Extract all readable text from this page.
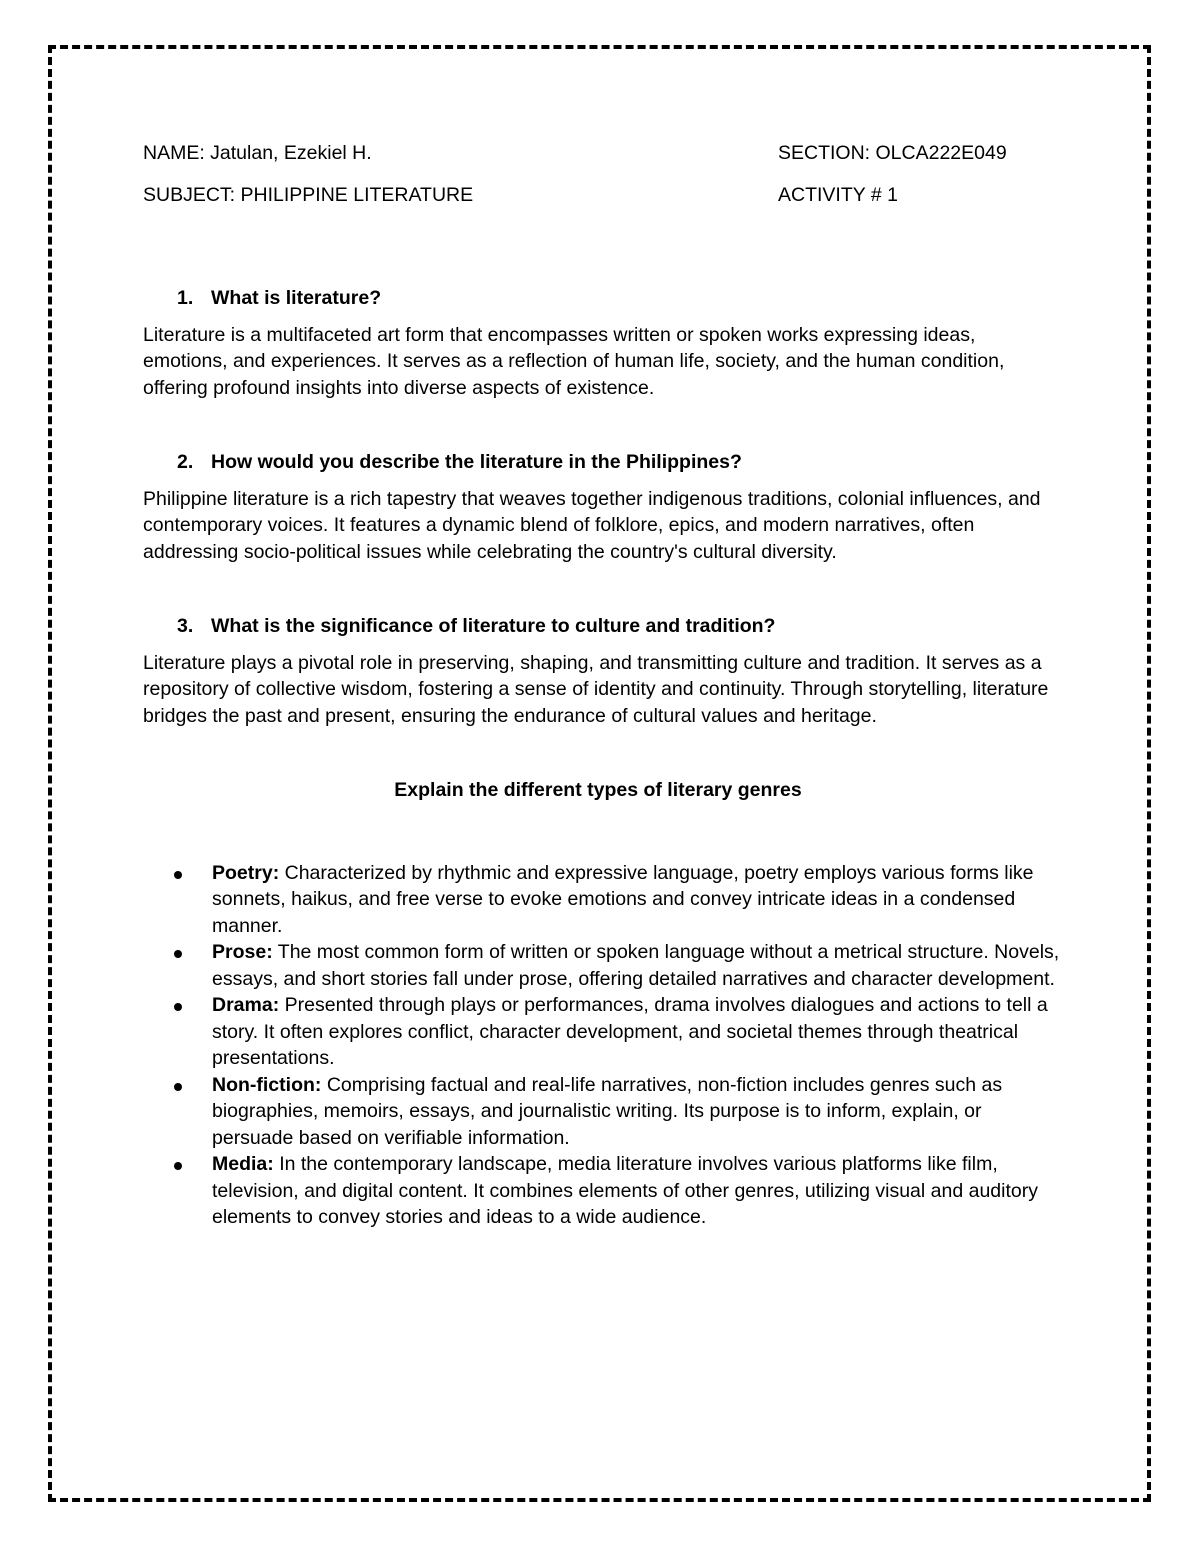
NAME: Jatulan, Ezekiel H.	SECTION: OLCA222E049
SUBJECT: PHILIPPINE LITERATURE	ACTIVITY # 1

1. What is literature?

Literature is a multifaceted art form that encompasses written or spoken works expressing ideas, emotions, and experiences. It serves as a reflection of human life, society, and the human condition, offering profound insights into diverse aspects of existence.

2. How would you describe the literature in the Philippines?

Philippine literature is a rich tapestry that weaves together indigenous traditions, colonial influences, and contemporary voices. It features a dynamic blend of folklore, epics, and modern narratives, often addressing socio-political issues while celebrating the country's cultural diversity.

3. What is the significance of literature to culture and tradition?

Literature plays a pivotal role in preserving, shaping, and transmitting culture and tradition. It serves as a repository of collective wisdom, fostering a sense of identity and continuity. Through storytelling, literature bridges the past and present, ensuring the endurance of cultural values and heritage.

Explain the different types of literary genres

Poetry: Characterized by rhythmic and expressive language, poetry employs various forms like sonnets, haikus, and free verse to evoke emotions and convey intricate ideas in a condensed manner.
Prose: The most common form of written or spoken language without a metrical structure. Novels, essays, and short stories fall under prose, offering detailed narratives and character development.
Drama: Presented through plays or performances, drama involves dialogues and actions to tell a story. It often explores conflict, character development, and societal themes through theatrical presentations.
Non-fiction: Comprising factual and real-life narratives, non-fiction includes genres such as biographies, memoirs, essays, and journalistic writing. Its purpose is to inform, explain, or persuade based on verifiable information.
Media: In the contemporary landscape, media literature involves various platforms like film, television, and digital content. It combines elements of other genres, utilizing visual and auditory elements to convey stories and ideas to a wide audience.
